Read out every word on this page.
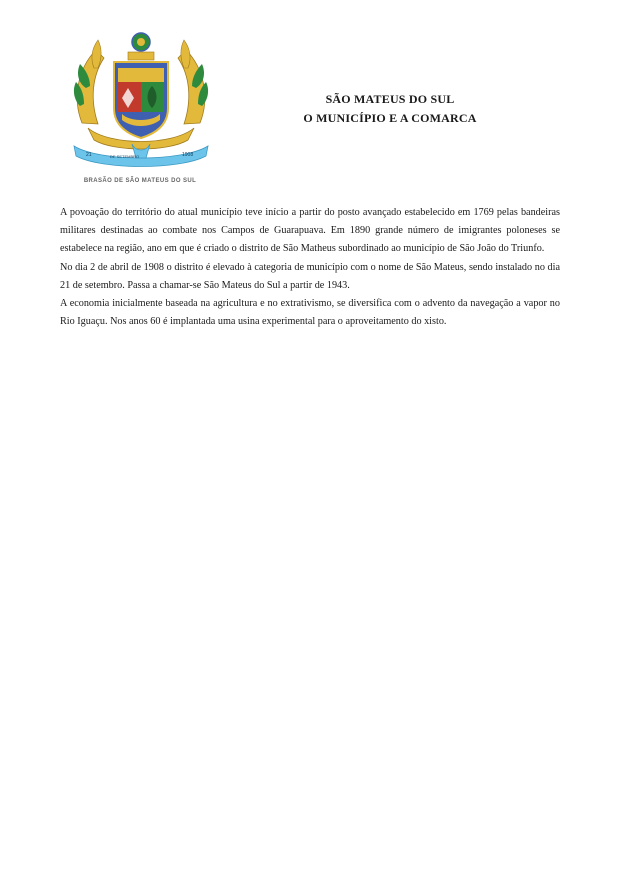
21	DE SETEMBRO	1908
BRASÃO DE SÃO MATEUS DO SUL
SÃO MATEUS DO SUL
O MUNICÍPIO E A COMARCA

A povoação do território do atual município teve início a partir do posto avançado estabelecido em 1769 pelas bandeiras militares destinadas ao combate nos Campos de Guarapuava. Em 1890 grande número de imigrantes poloneses se estabelece na região, ano em que é criado o distrito de São Matheus subordinado ao município de São João do Triunfo.

No dia 2 de abril de 1908 o distrito é elevado à categoria de município com o nome de São Mateus, sendo instalado no dia 21 de setembro. Passa a chamar-se São Mateus do Sul a partir de 1943.

A economia inicialmente baseada na agricultura e no extrativismo, se diversifica com o advento da navegação a vapor no Rio Iguaçu. Nos anos 60 é implantada uma usina experimental para o aproveitamento do xisto.
